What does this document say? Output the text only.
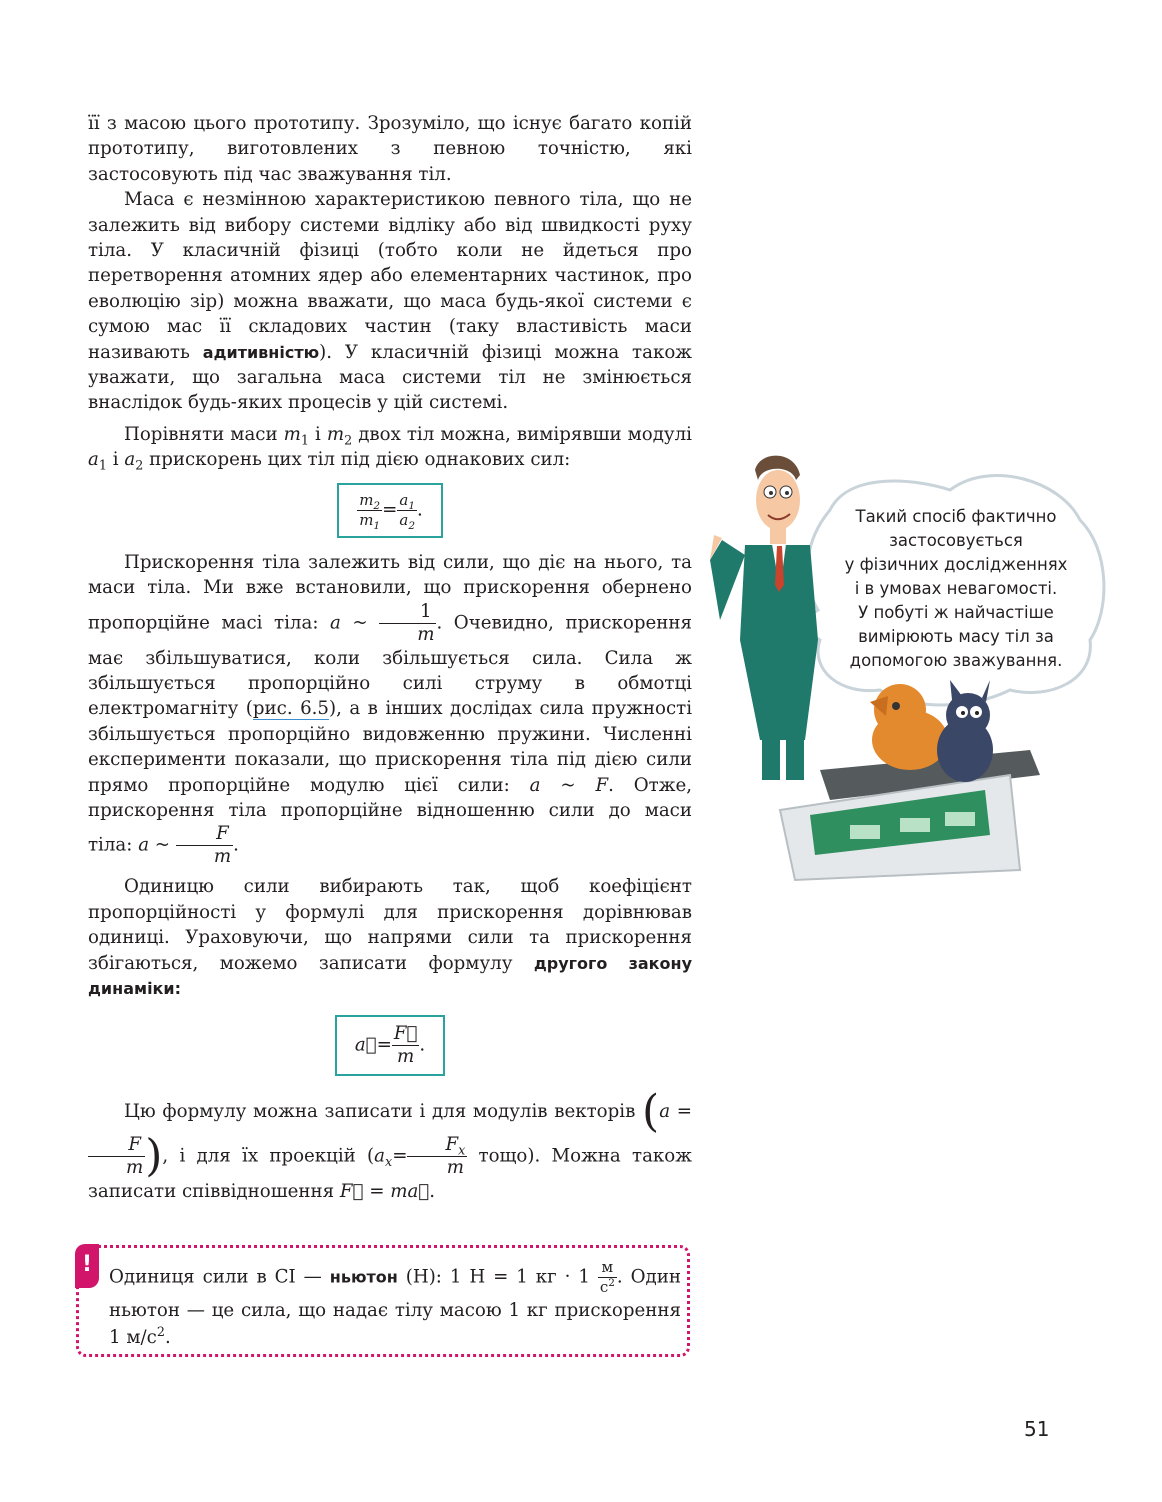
її з масою цього прототипу. Зрозуміло, що існує багато копій прототипу, виготовлених з певною точністю, які застосовують під час зважування тіл.

Маса є незмінною характеристикою певного тіла, що не залежить від вибору системи відліку або від швидкості руху тіла. У класичній фізиці (тобто коли не йдеться про перетворення атомних ядер або елементарних частинок, про еволюцію зір) можна вважати, що маса будь-якої системи є сумою мас її складових частин (таку властивість маси називають адитивністю). У класичній фізиці можна також уважати, що загальна маса системи тіл не змінюється внаслідок будь-яких процесів у цій системі.

Порівняти маси $m_1$ і $m_2$ двох тіл можна, вимірявши модулі $a_1$ і $a_2$ прискорень цих тіл під дією однакових сил:

$\frac{m_2}{m_1} = \frac{a_1}{a_2}$ .

Прискорення тіла залежить від сили, що діє на нього, та маси тіла. Ми вже встановили, що прискорення обернено пропорційне масі тіла: a ~ $\frac{1}{m}$ . Очевидно, прискорення має збільшуватися, коли збільшується сила. Сила ж збільшується пропорційно силі струму в обмотці електромагніту (рис. 6.5), а в інших дослідах сила пружності збільшується пропорційно видовженню пружини. Численні експерименти показали, що прискорення тіла під дією сили прямо пропорційне модулю цієї сили: a ~ F. Отже, прискорення тіла пропорційне відношенню сили до маси тіла: a ~ $\frac{F}{m}$ .

Одиницю сили вибирають так, щоб коефіцієнт пропорційності у формулі для прискорення дорівнював одиниці. Ураховуючи, що напрями сили та прискорення збігаються, можемо записати формулу другого закону динаміки:

a⃗= $\frac{F⃗}{m}$ .

Цю формулу можна записати і для модулів векторів (a =
$\frac{F}{m}$ ), і для їх проекцій ($a_x= \frac{F_x}{m}$ тощо). Можна також записати співвідношення F⃗ = ma⃗.

Такий спосіб фактично
застосовується
у фізичних дослідженнях
і в умовах невагомості.
У побуті ж найчастіше
вимірюють масу тіл за
допомогою зважування.
!
Одиниця сили в СІ — ньютон (Н): 1 Н = 1 кг · $1 \frac{м}{с^2}$ . Один ньютон — це сила, що надає тілу масою 1 кг прискорення 1 $м/с^2$.
51
